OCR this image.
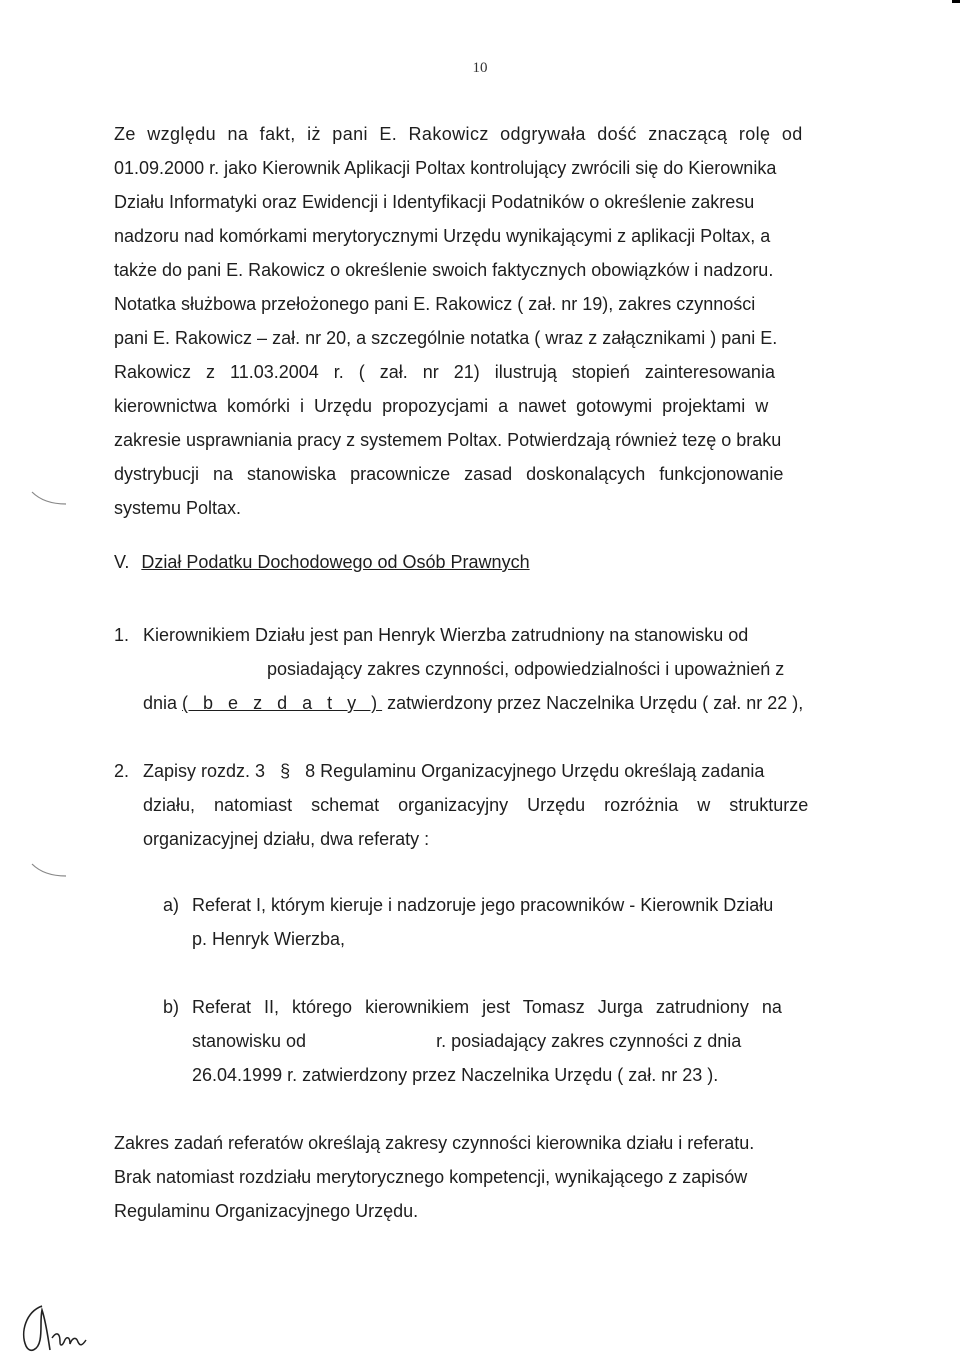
10
Ze względu na fakt, iż pani E. Rakowicz odgrywała dość znaczącą rolę od
01.09.2000 r. jako Kierownik Aplikacji Poltax kontrolujący zwrócili się do Kierownika
Działu Informatyki oraz Ewidencji i Identyfikacji Podatników o określenie zakresu
nadzoru nad komórkami merytorycznymi Urzędu wynikającymi z aplikacji Poltax, a
także do pani E. Rakowicz o określenie swoich faktycznych obowiązków i nadzoru.
Notatka służbowa przełożonego pani E. Rakowicz ( zał. nr 19), zakres czynności
pani E. Rakowicz – zał. nr 20, a szczególnie notatka ( wraz z załącznikami ) pani E.
Rakowicz z 11.03.2004 r. ( zał. nr 21) ilustrują stopień zainteresowania
kierownictwa komórki i Urzędu propozycjami a nawet gotowymi projektami w
zakresie usprawniania pracy z systemem Poltax. Potwierdzają również tezę o braku
dystrybucji na stanowiska pracownicze zasad doskonalących funkcjonowanie
systemu Poltax.
V. Dział Podatku Dochodowego od Osób Prawnych
1. Kierownikiem Działu jest pan Henryk Wierzba zatrudniony na stanowisku od
posiadający zakres czynności, odpowiedzialności i upoważnień z
dnia ( b e z d a t y ) zatwierdzony przez Naczelnika Urzędu ( zał. nr 22 ),
2. Zapisy rozdz. 3 § 8 Regulaminu Organizacyjnego Urzędu określają zadania
działu, natomiast schemat organizacyjny Urzędu rozróżnia w strukturze
organizacyjnej działu, dwa referaty :
a) Referat I, którym kieruje i nadzoruje jego pracowników - Kierownik Działu
p. Henryk Wierzba,
b) Referat II, którego kierownikiem jest Tomasz Jurga zatrudniony na
stanowisku od	r. posiadający zakres czynności z dnia
26.04.1999 r. zatwierdzony przez Naczelnika Urzędu ( zał. nr 23 ).
Zakres zadań referatów określają zakresy czynności kierownika działu i referatu.
Brak natomiast rozdziału merytorycznego kompetencji, wynikającego z zapisów
Regulaminu Organizacyjnego Urzędu.
